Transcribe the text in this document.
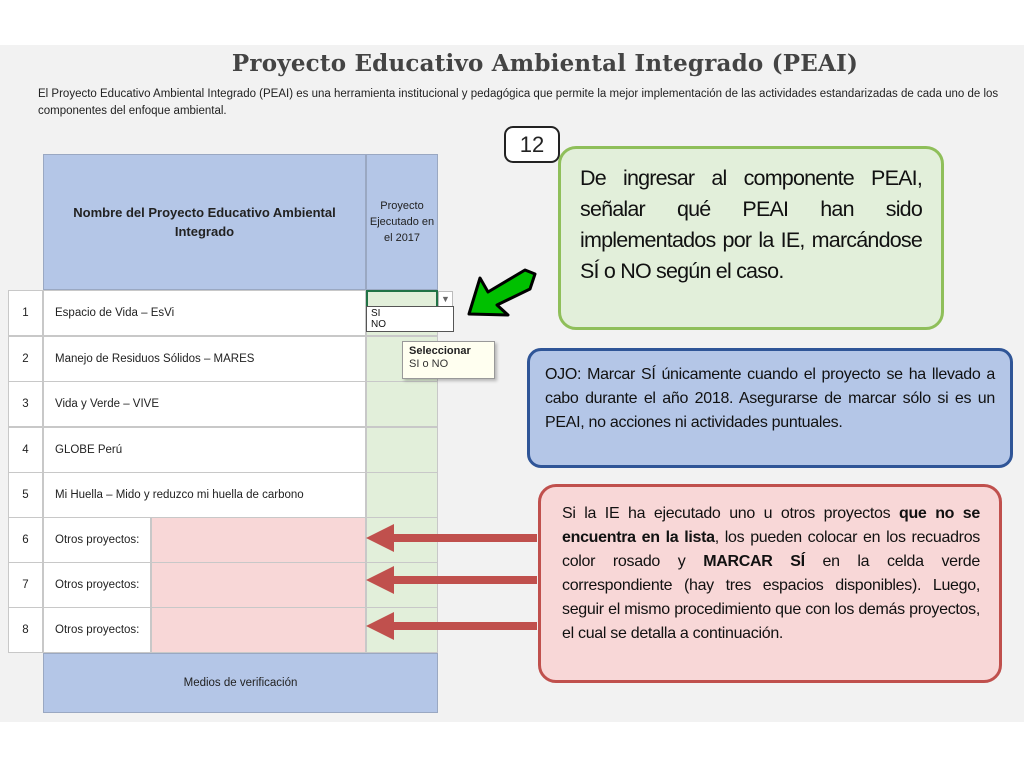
Proyecto Educativo Ambiental Integrado (PEAI)
El Proyecto Educativo Ambiental Integrado (PEAI) es una herramienta institucional y pedagógica que permite la mejor implementación de las actividades estandarizadas de cada uno de los componentes del enfoque ambiental.
Nombre del Proyecto Educativo Ambiental Integrado
Proyecto Ejecutado en el 2017
1	Espacio de Vida – EsVi
2	Manejo de Residuos Sólidos – MARES
3	Vida y Verde – VIVE
4	GLOBE Perú
5	Mi Huella – Mido y reduzco mi huella de carbono
6	Otros proyectos:
7	Otros proyectos:
8	Otros proyectos:
Medios de verificación
▼
SI
NO
Seleccionar
SI o NO
12
De ingresar al componente PEAI, señalar qué PEAI han sido implementados por la IE, marcándose SÍ o NO según el caso.
OJO: Marcar SÍ únicamente cuando el proyecto se ha llevado a cabo durante el año 2018. Asegurarse de marcar sólo si es un PEAI, no acciones ni actividades puntuales.
Si la IE ha ejecutado uno u otros proyectos que no se encuentra en la lista, los pueden colocar en los recuadros color rosado y MARCAR SÍ en la celda verde correspondiente (hay tres espacios disponibles). Luego, seguir el mismo procedimiento que con los demás proyectos, el cual se detalla a continuación.
